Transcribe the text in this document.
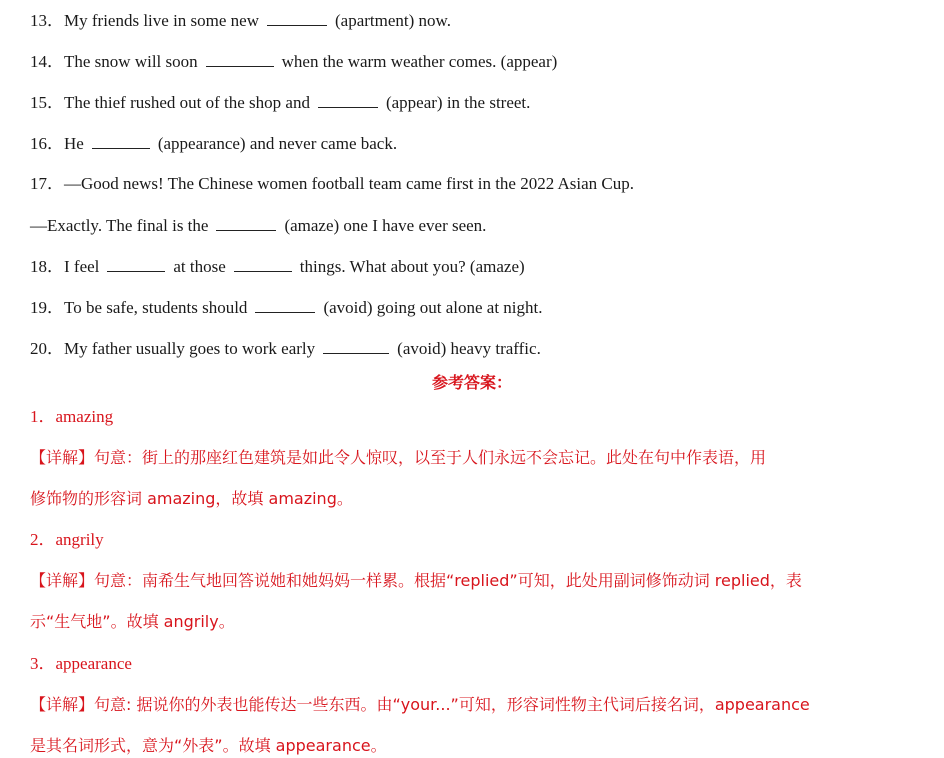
13．My friends live in some new	(apartment) now.
14．The snow will soon	when the warm weather comes. (appear)
15．The thief rushed out of the shop and	(appear) in the street.
16．He	(appearance) and never came back.
17．—Good news! The Chinese women football team came first in the 2022 Asian Cup.
—Exactly. The final is the	(amaze) one I have ever seen.
18．I feel	at those	things. What about you? (amaze)
19．To be safe, students should	(avoid) going out alone at night.
20．My father usually goes to work early	(avoid) heavy traffic.
参考答案：
1．amazing
【详解】句意：街上的那座红色建筑是如此令人惊叹，以至于人们永远不会忘记。此处在句中作表语，用
修饰物的形容词 amazing，故填 amazing。
2．angrily
【详解】句意：南希生气地回答说她和她妈妈一样累。根据“replied”可知，此处用副词修饰动词 replied，表
示“生气地”。故填 angrily。
3．appearance
【详解】句意: 据说你的外表也能传达一些东西。由“your...”可知，形容词性物主代词后接名词，appearance
是其名词形式，意为“外表”。故填 appearance。
